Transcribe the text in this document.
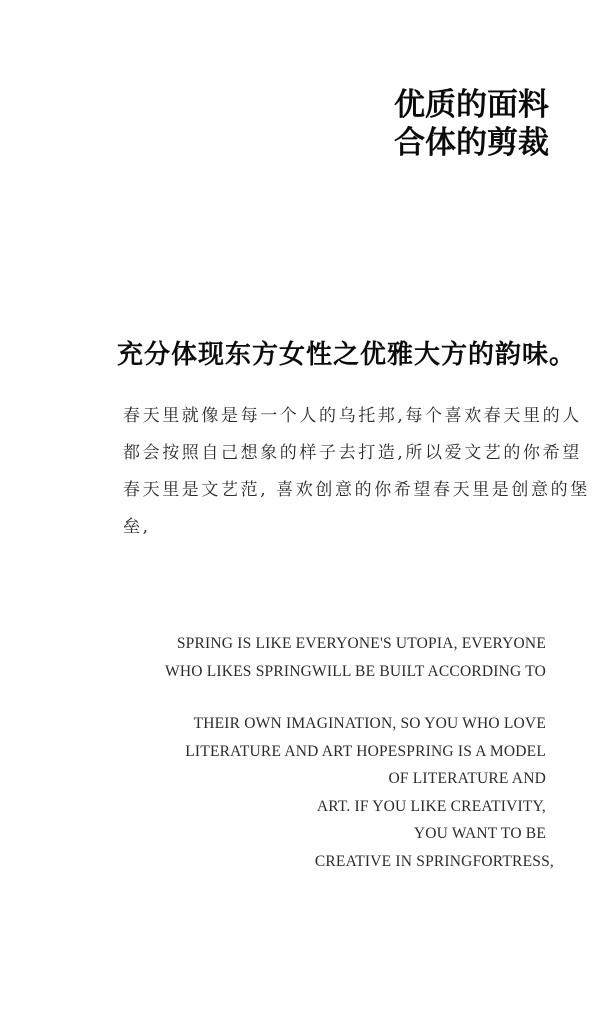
优质的面料
合体的剪裁
充分体现东方女性之优雅大方的韵味。
春天里就像是每一个人的乌托邦,每个喜欢春天里的人
都会按照自己想象的样子去打造,所以爱文艺的你希望
春天里是文艺范, 喜欢创意的你希望春天里是创意的堡
垒,
SPRING IS LIKE EVERYONE'S UTOPIA, EVERYONE
WHO LIKES SPRINGWILL BE BUILT ACCORDING TO
THEIR OWN IMAGINATION, SO YOU WHO LOVE
LITERATURE AND ART HOPESPRING IS A MODEL
OF LITERATURE AND
ART. IF YOU LIKE CREATIVITY,
YOU WANT TO BE
CREATIVE IN SPRINGFORTRESS,
